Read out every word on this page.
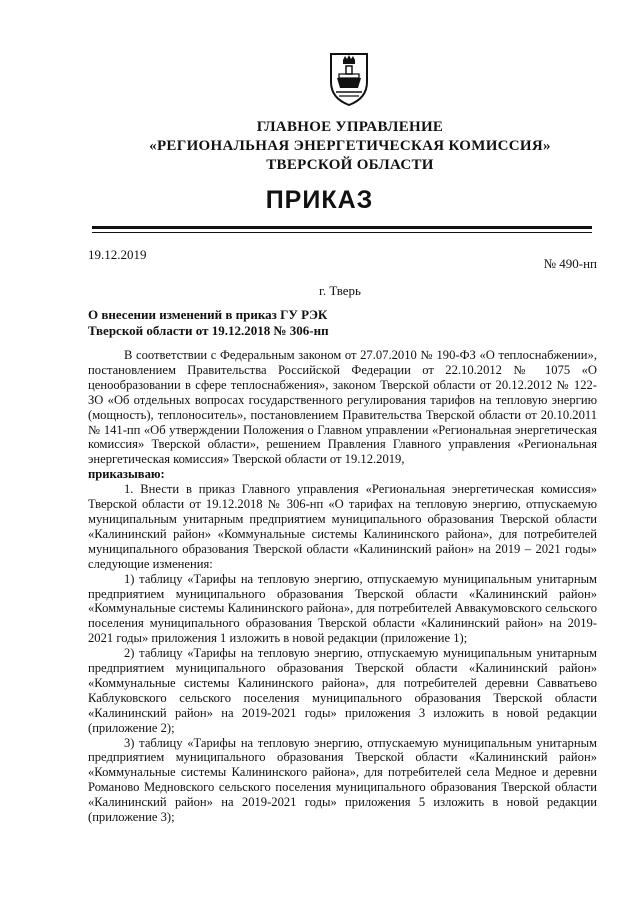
ГЛАВНОЕ УПРАВЛЕНИЕ
«РЕГИОНАЛЬНАЯ ЭНЕРГЕТИЧЕСКАЯ КОМИССИЯ»
ТВЕРСКОЙ ОБЛАСТИ
ПРИКАЗ
19.12.2019
№ 490-нп
г. Тверь
О внесении изменений в приказ ГУ РЭК
Тверской области от 19.12.2018 № 306-нп

В соответствии с Федеральным законом от 27.07.2010 № 190-ФЗ «О теплоснабжении», постановлением Правительства Российской Федерации от 22.10.2012 № 1075 «О ценообразовании в сфере теплоснабжения», законом Тверской области от 20.12.2012 № 122-ЗО «Об отдельных вопросах государственного регулирования тарифов на тепловую энергию (мощность), теплоноситель», постановлением Правительства Тверской области от 20.10.2011 № 141-пп «Об утверждении Положения о Главном управлении «Региональная энергетическая комиссия» Тверской области», решением Правления Главного управления «Региональная энергетическая комиссия» Тверской области от 19.12.2019,

приказываю:

1. Внести в приказ Главного управления «Региональная энергетическая комиссия» Тверской области от 19.12.2018 № 306-нп «О тарифах на тепловую энергию, отпускаемую муниципальным унитарным предприятием муниципального образования Тверской области «Калининский район» «Коммунальные системы Калининского района», для потребителей муниципального образования Тверской области «Калининский район» на 2019 – 2021 годы» следующие изменения:

1) таблицу «Тарифы на тепловую энергию, отпускаемую муниципальным унитарным предприятием муниципального образования Тверской области «Калининский район» «Коммунальные системы Калининского района», для потребителей Аввакумовского сельского поселения муниципального образования Тверской области «Калининский район» на 2019-2021 годы» приложения 1 изложить в новой редакции (приложение 1);

2) таблицу «Тарифы на тепловую энергию, отпускаемую муниципальным унитарным предприятием муниципального образования Тверской области «Калининский район» «Коммунальные системы Калининского района», для потребителей деревни Савватьево Каблуковского сельского поселения муниципального образования Тверской области «Калининский район» на 2019-2021 годы» приложения 3 изложить в новой редакции (приложение 2);

3) таблицу «Тарифы на тепловую энергию, отпускаемую муниципальным унитарным предприятием муниципального образования Тверской области «Калининский район» «Коммунальные системы Калининского района», для потребителей села Медное и деревни Романово Медновского сельского поселения муниципального образования Тверской области «Калининский район» на 2019-2021 годы» приложения 5 изложить в новой редакции (приложение 3);
